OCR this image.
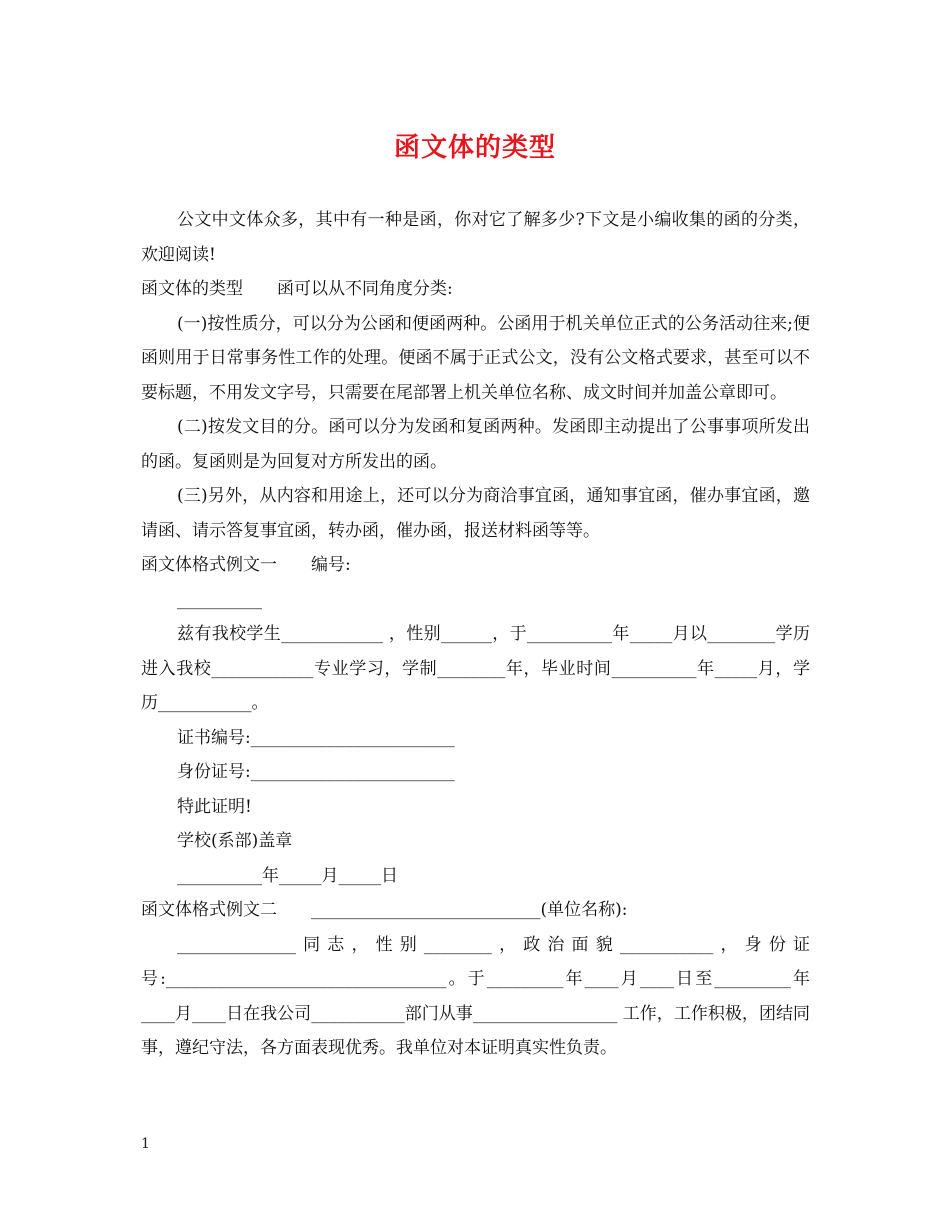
函文体的类型

公文中文体众多，其中有一种是函，你对它了解多少?下文是小编收集的函的分类，欢迎阅读!

函文体的类型　　函可以从不同角度分类:

(一)按性质分，可以分为公函和便函两种。公函用于机关单位正式的公务活动往来;便函则用于日常事务性工作的处理。便函不属于正式公文，没有公文格式要求，甚至可以不要标题，不用发文字号，只需要在尾部署上机关单位名称、成文时间并加盖公章即可。

(二)按发文目的分。函可以分为发函和复函两种。发函即主动提出了公事事项所发出的函。复函则是为回复对方所发出的函。

(三)另外，从内容和用途上，还可以分为商洽事宜函，通知事宜函，催办事宜函，邀请函、请示答复事宜函，转办函，催办函，报送材料函等等。

函文体格式例文一　　编号:

__________

兹有我校学生____________ ，性别______，于__________年_____月以________学历进入我校____________专业学习，学制________年，毕业时间__________年_____月，学历___________。

证书编号:________________________

身份证号:________________________

特此证明!

学校(系部)盖章

__________年_____月_____日

函文体格式例文二　　___________________________(单位名称):

______________同志，性别________，政治面貌___________，身份证号:_________________________________。于_________年____月____日至_________年____月____日在我公司___________部门从事_________________ 工作，工作积极，团结同事，遵纪守法，各方面表现优秀。我单位对本证明真实性负责。

1
